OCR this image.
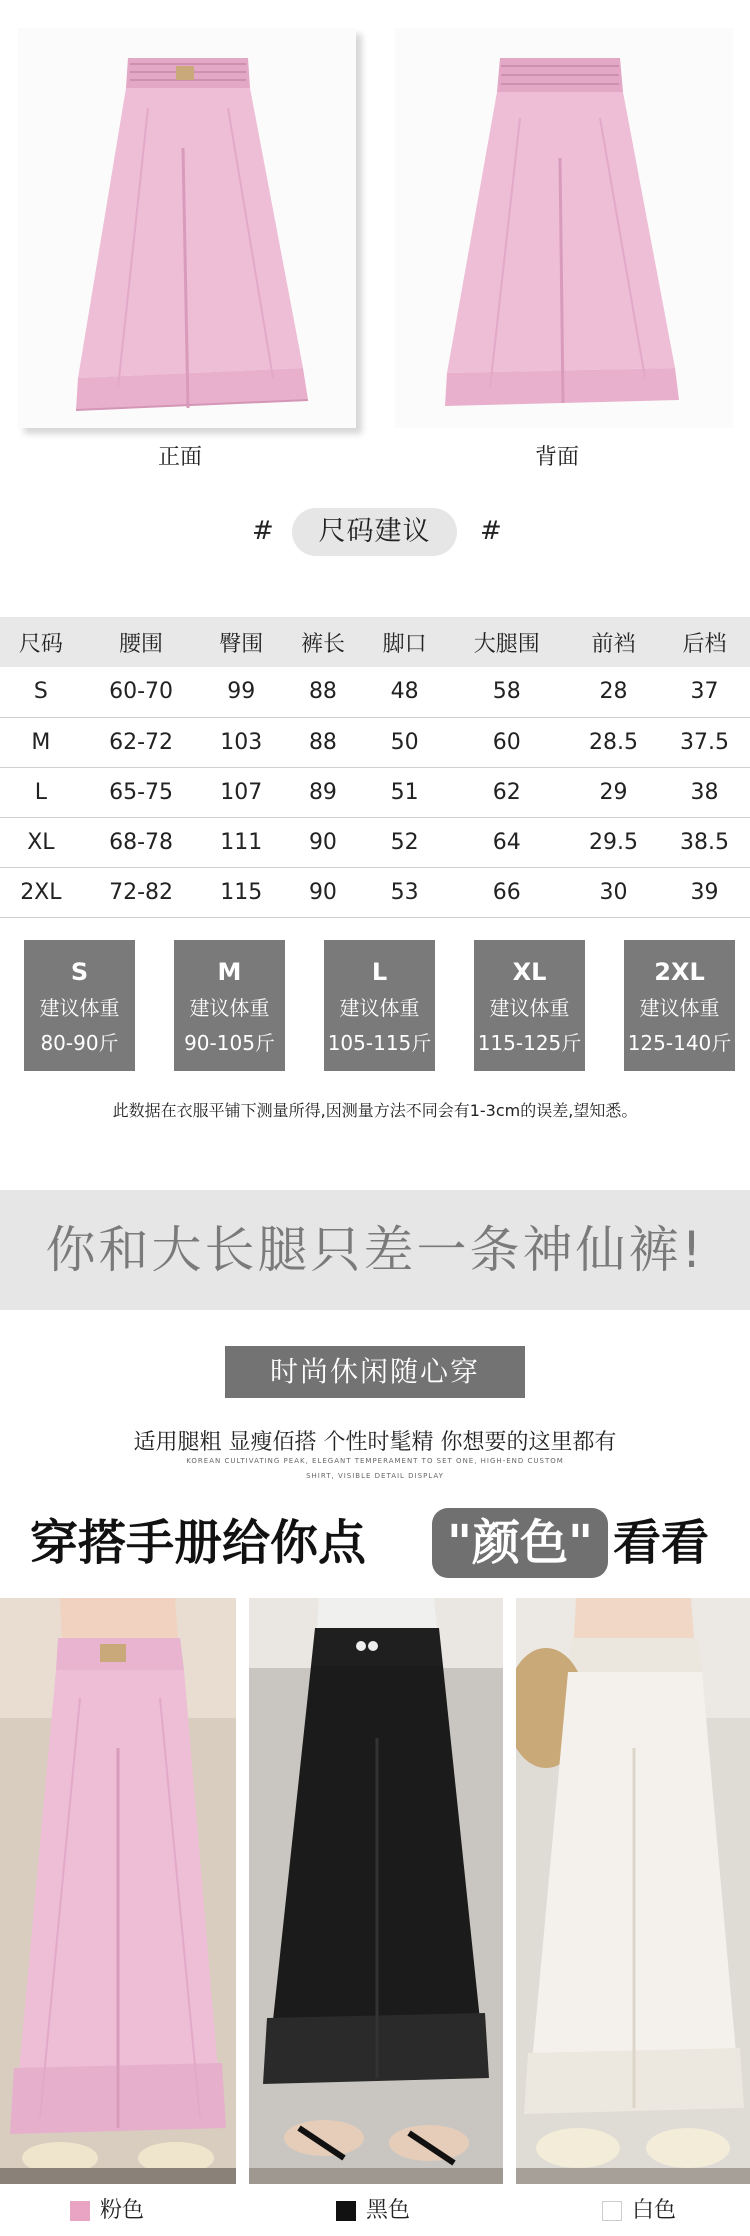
正面	背面
#	尺码建议	#
尺码	腰围	臀围	裤长	脚口	大腿围	前裆	后档
S	60-70	99	88	48	58	28	37
M	62-72	103	88	50	60	28.5	37.5
L	65-75	107	89	51	62	29	38
XL	68-78	111	90	52	64	29.5	38.5
2XL	72-82	115	90	53	66	30	39
S
建议体重
80-90斤
M
建议体重
90-105斤
L
建议体重
105-115斤
XL
建议体重
115-125斤
2XL
建议体重
125-140斤
此数据在衣服平铺下测量所得,因测量方法不同会有1-3cm的误差,望知悉。
你和大长腿只差一条神仙裤!
时尚休闲随心穿
适用腿粗 显瘦佰搭 个性时髦精 你想要的这里都有
KOREAN CULTIVATING PEAK, ELEGANT TEMPERAMENT TO SET ONE, HIGH-END CUSTOM
SHIRT, VISIBLE DETAIL DISPLAY
穿搭手册给你点	"颜色" 看看
粉色	黑色	白色
